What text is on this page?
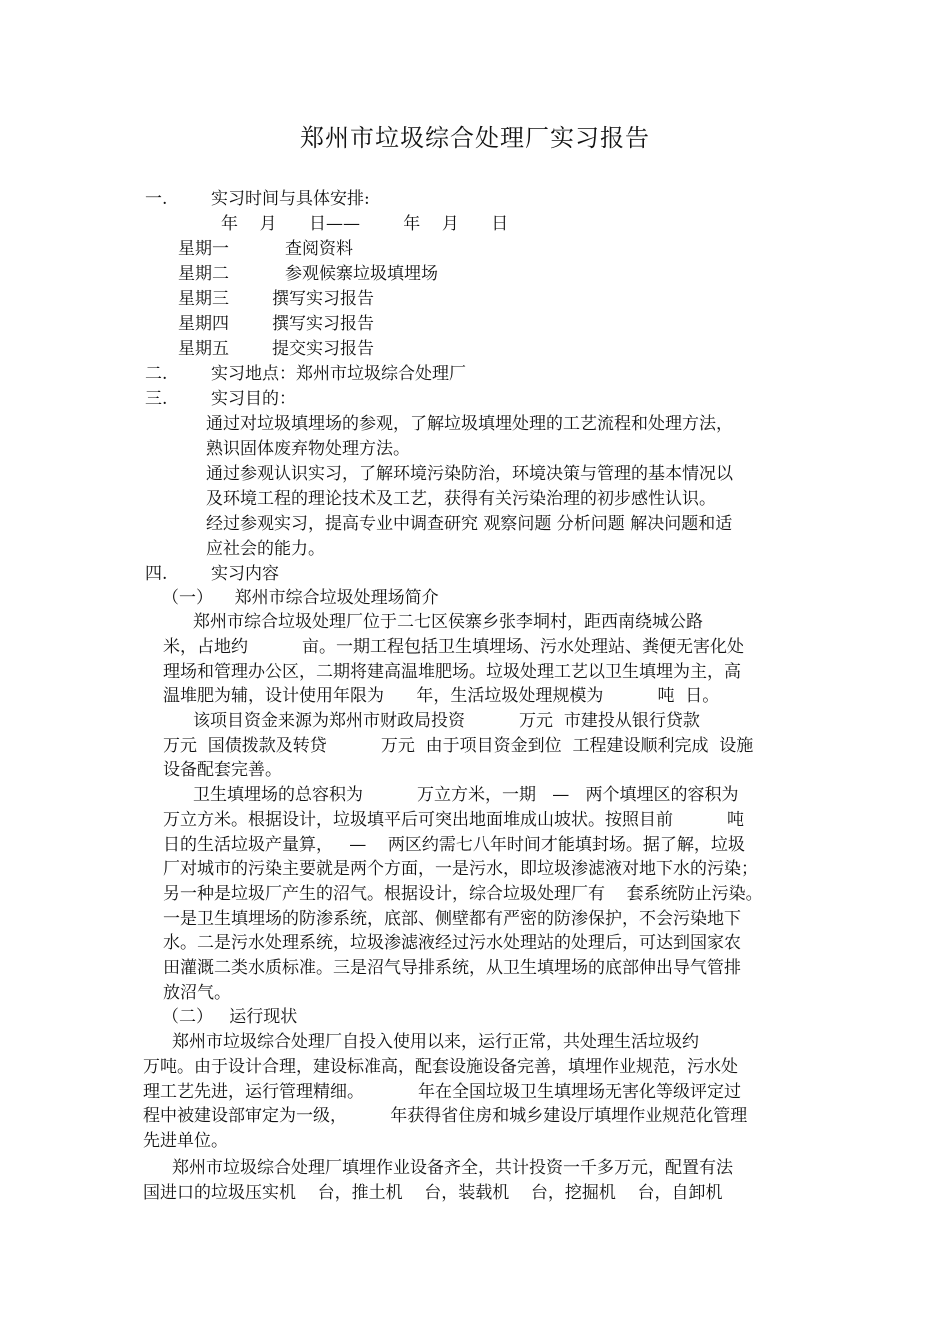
郑州市垃圾综合处理厂实习报告
一.	实习时间与具体安排:
年    月      日——        年    月      日
星期一	查阅资料
星期二	参观候寨垃圾填埋场
星期三	撰写实习报告
星期四	撰写实习报告
星期五	提交实习报告
二.	实习地点：郑州市垃圾综合处理厂
三.	实习目的：
通过对垃圾填埋场的参观，了解垃圾填埋处理的工艺流程和处理方法，
熟识固体废弃物处理方法。
通过参观认识实习，了解环境污染防治，环境决策与管理的基本情况以
及环境工程的理论技术及工艺，获得有关污染治理的初步感性认识。
经过参观实习，提高专业中调查研究 观察问题 分析问题 解决问题和适
应社会的能力。
四.	实习内容
（一）    郑州市综合垃圾处理场简介
郑州市综合垃圾处理厂位于二七区侯寨乡张李垌村，距西南绕城公路
米，占地约          亩。一期工程包括卫生填埋场、污水处理站、粪便无害化处
理场和管理办公区，二期将建高温堆肥场。垃圾处理工艺以卫生填埋为主，高
温堆肥为辅，设计使用年限为      年，生活垃圾处理规模为          吨  日。
该项目资金来源为郑州市财政局投资          万元  市建投从银行贷款
万元  国债拨款及转贷          万元  由于项目资金到位  工程建设顺利完成  设施
设备配套完善。
卫生填埋场的总容积为          万立方米，一期   —   两个填埋区的容积为
万立方米。根据设计，垃圾填平后可突出地面堆成山坡状。按照目前          吨
日的生活垃圾产量算，   —    两区约需七八年时间才能填封场。据了解，垃圾
厂对城市的污染主要就是两个方面，一是污水，即垃圾渗滤液对地下水的污染；
另一种是垃圾厂产生的沼气。根据设计，综合垃圾处理厂有    套系统防止污染。
一是卫生填埋场的防渗系统，底部、侧壁都有严密的防渗保护，不会污染地下
水。二是污水处理系统，垃圾渗滤液经过污水处理站的处理后，可达到国家农
田灌溉二类水质标准。三是沼气导排系统，从卫生填埋场的底部伸出导气管排
放沼气。
（二）   运行现状
郑州市垃圾综合处理厂自投入使用以来，运行正常，共处理生活垃圾约
万吨。由于设计合理，建设标准高，配套设施设备完善，填埋作业规范，污水处
理工艺先进，运行管理精细。          年在全国垃圾卫生填埋场无害化等级评定过
程中被建设部审定为一级，        年获得省住房和城乡建设厅填埋作业规范化管理
先进单位。
郑州市垃圾综合处理厂填埋作业设备齐全，共计投资一千多万元，配置有法
国进口的垃圾压实机    台，推土机    台，装载机    台，挖掘机    台，自卸机
